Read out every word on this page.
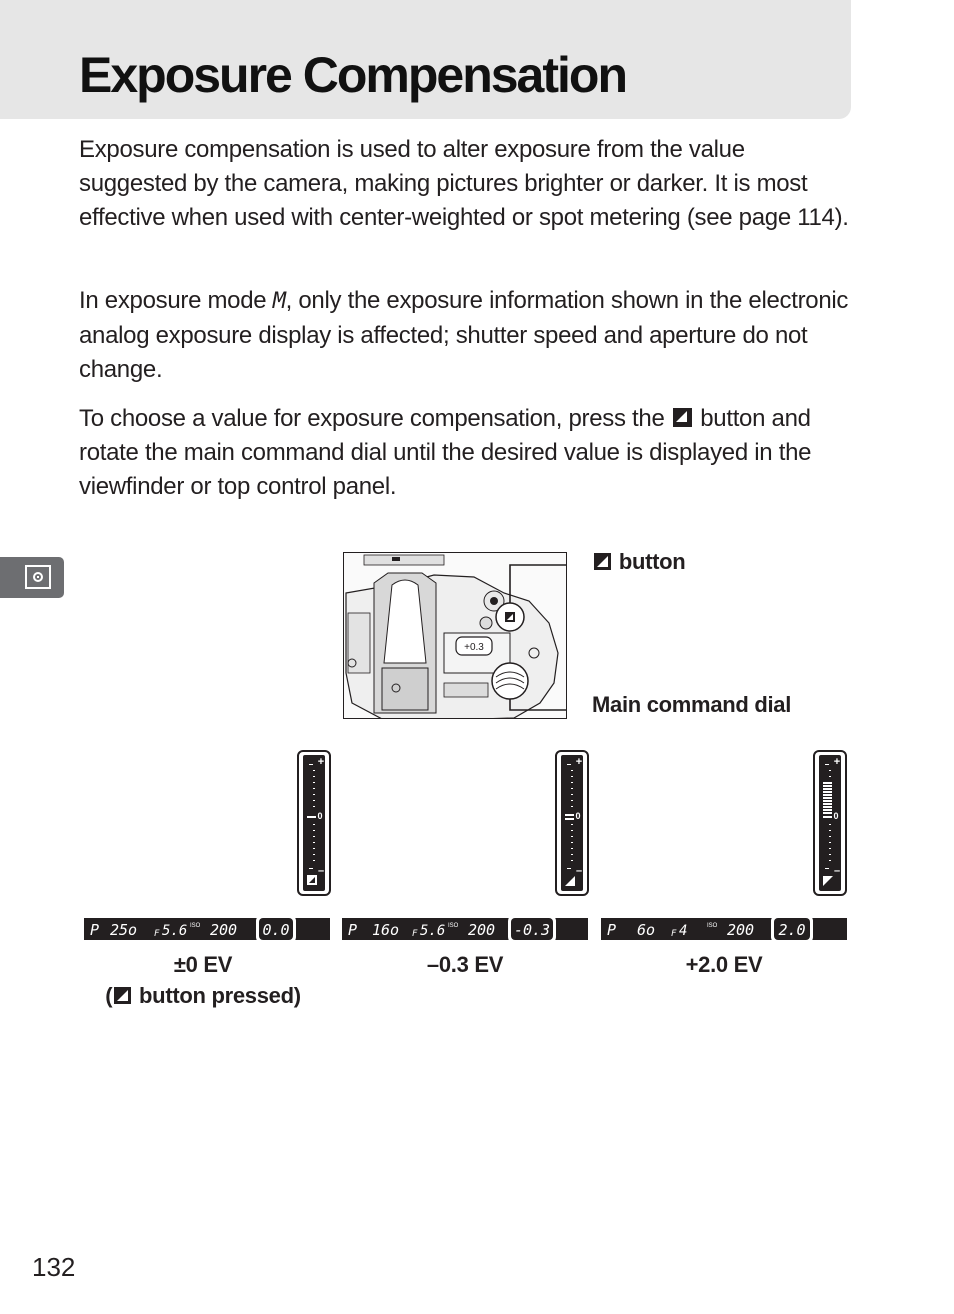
Exposure Compensation

Exposure compensation is used to alter exposure from the value suggested by the camera, making pictures brighter or darker. It is most effective when used with center-weighted or spot metering (see page 114).

In exposure mode M, only the exposure information shown in the electronic analog exposure display is affected; shutter speed and aperture do not change.

To choose a value for exposure compensation, press the  button and rotate the main command dial until the desired value is displayed in the viewfinder or top control panel.

+0.3
button
Main command dial
+
0
–
+
0
–
+
0
–
P 25o F 5.6 ISO 200 0.0	P 16o F 5.6 ISO 200 -0.3	P 6o F 4	ISO 200 2.0

±0 EV

( button pressed)

–0.3 EV	+2.0 EV

132
